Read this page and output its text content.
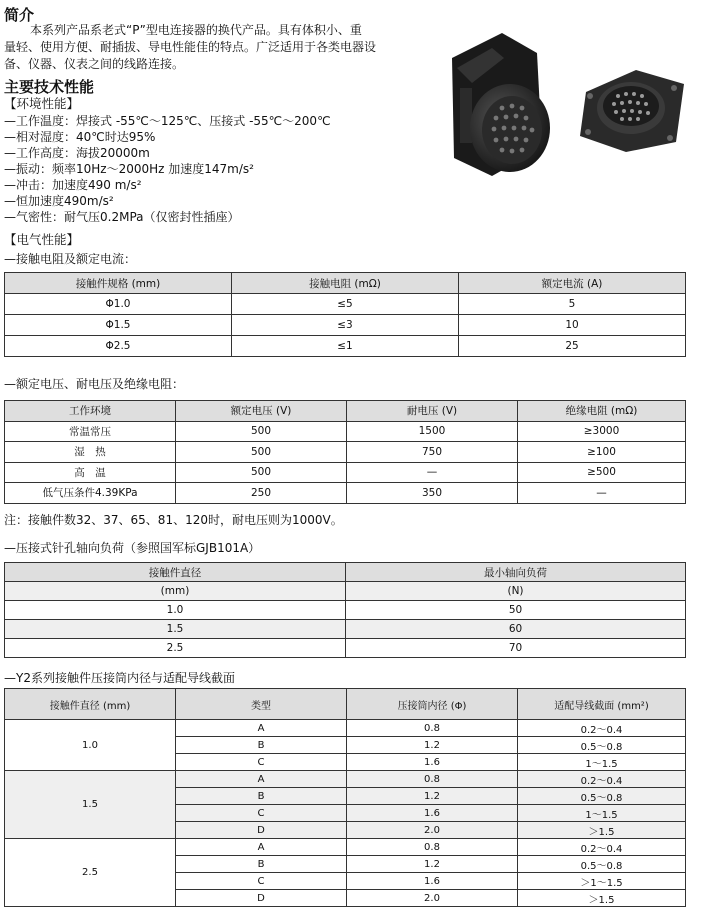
简介
本系列产品系老式“P”型电连接器的换代产品。具有体积小、重
量轻、使用方便、耐插拔、导电性能佳的特点。广泛适用于各类电器设
备、仪器、仪表之间的线路连接。
主要技术性能
【环境性能】
—工作温度：焊接式 -55℃～125℃、压接式 -55℃～200℃
—相对湿度：40℃时达95%
—工作高度：海拔20000m
—振动：频率10Hz～2000Hz 加速度147m/s²
—冲击：加速度490 m/s²
—恒加速度490m/s²
—气密性：耐气压0.2MPa（仅密封性插座）
【电气性能】
—接触电阻及额定电流：
接触件规格 (mm)	接触电阻 (mΩ)	额定电流 (A)
Φ1.0	≤5	5
Φ1.5	≤3	10
Φ2.5	≤1	25
—额定电压、耐电压及绝缘电阻：
工作环境	额定电压 (V)	耐电压 (V)	绝缘电阻 (mΩ)
常温常压	500	1500	≥3000
湿　热	500	750	≥100
高　温	500	—	≥500
低气压条件4.39KPa	250	350	—
注：接触件数32、37、65、81、120时，耐电压则为1000V。
—压接式针孔轴向负荷（参照国军标GJB101A）
接触件直径	最小轴向负荷
(mm)	(N)
1.0	50
1.5	60
2.5	70
—Y2系列接触件压接筒内径与适配导线截面
接触件直径 (mm)	类型	压接筒内径 (Φ)	适配导线截面 (mm²)
1.0	A	0.8	0.2～0.4
	B	1.2	0.5～0.8
	C	1.6	1～1.5
1.5	A	0.8	0.2～0.4
	B	1.2	0.5～0.8
	C	1.6	1～1.5
	D	2.0	＞1.5
2.5	A	0.8	0.2～0.4
	B	1.2	0.5～0.8
	C	1.6	＞1～1.5
	D	2.0	＞1.5
